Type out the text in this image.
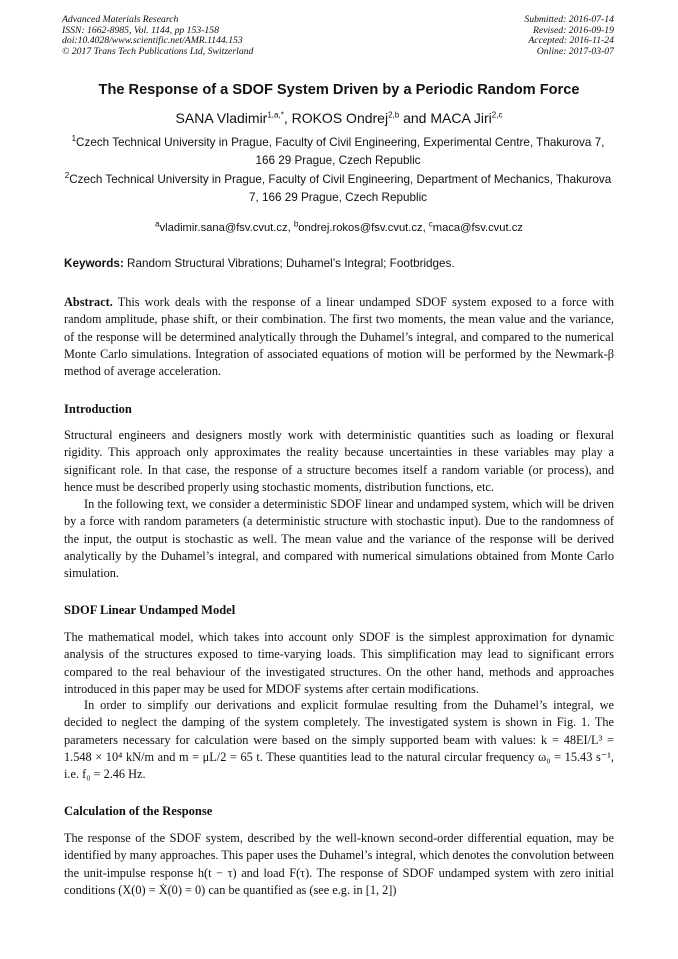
Advanced Materials Research
ISSN: 1662-8985, Vol. 1144, pp 153-158
doi:10.4028/www.scientific.net/AMR.1144.153
© 2017 Trans Tech Publications Ltd, Switzerland
Submitted: 2016-07-14
Revised: 2016-09-19
Accepted: 2016-11-24
Online: 2017-03-07
The Response of a SDOF System Driven by a Periodic Random Force
SANA Vladimir$^{1,a,*}$, ROKOS Ondrej$^{2,b}$ and MACA Jiri$^{2,c}$
$^1$Czech Technical University in Prague, Faculty of Civil Engineering, Experimental Centre, Thakurova 7, 166 29 Prague, Czech Republic
$^2$Czech Technical University in Prague, Faculty of Civil Engineering, Department of Mechanics, Thakurova 7, 166 29 Prague, Czech Republic
$^a$vladimir.sana@fsv.cvut.cz, $^b$ondrej.rokos@fsv.cvut.cz, $^c$maca@fsv.cvut.cz
Keywords: Random Structural Vibrations; Duhamel’s Integral; Footbridges.

Abstract. This work deals with the response of a linear undamped SDOF system exposed to a force with random amplitude, phase shift, or their combination. The first two moments, the mean value and the variance, of the response will be determined analytically through the Duhamel’s integral, and compared to the numerical Monte Carlo simulations. Integration of associated equations of motion will be performed by the Newmark-β method of average acceleration.

Introduction

Structural engineers and designers mostly work with deterministic quantities such as loading or flexural rigidity. This approach only approximates the reality because uncertainties in these variables may play a significant role. In that case, the response of a structure becomes itself a random variable (or process), and hence must be described properly using stochastic moments, distribution functions, etc.

In the following text, we consider a deterministic SDOF linear and undamped system, which will be driven by a force with random parameters (a deterministic structure with stochastic input). Due to the randomness of the input, the output is stochastic as well. The mean value and the variance of the response will be derived analytically by the Duhamel’s integral, and compared with numerical simulations obtained from Monte Carlo simulation.

SDOF Linear Undamped Model

The mathematical model, which takes into account only SDOF is the simplest approximation for dynamic analysis of the structures exposed to time-varying loads. This simplification may lead to significant errors compared to the real behaviour of the investigated structures. On the other hand, methods and approaches introduced in this paper may be used for MDOF systems after certain modifications.

In order to simplify our derivations and explicit formulae resulting from the Duhamel’s integral, we decided to neglect the damping of the system completely. The investigated system is shown in Fig. 1. The parameters necessary for calculation were based on the simply supported beam with values: k = 48EI/L³ = 1.548 × 10⁴ kN/m and m = μL/2 = 65 t. These quantities lead to the natural circular frequency ω₀ = 15.43 s⁻¹, i.e. f₀ = 2.46 Hz.

Calculation of the Response

The response of the SDOF system, described by the well-known second-order differential equation, may be identified by many approaches. This paper uses the Duhamel’s integral, which denotes the convolution between the unit-impulse response h(t − τ) and load F(τ). The response of SDOF undamped system with zero initial conditions (X(0) = Ẋ(0) = 0) can be quantified as (see e.g. in [1, 2])
